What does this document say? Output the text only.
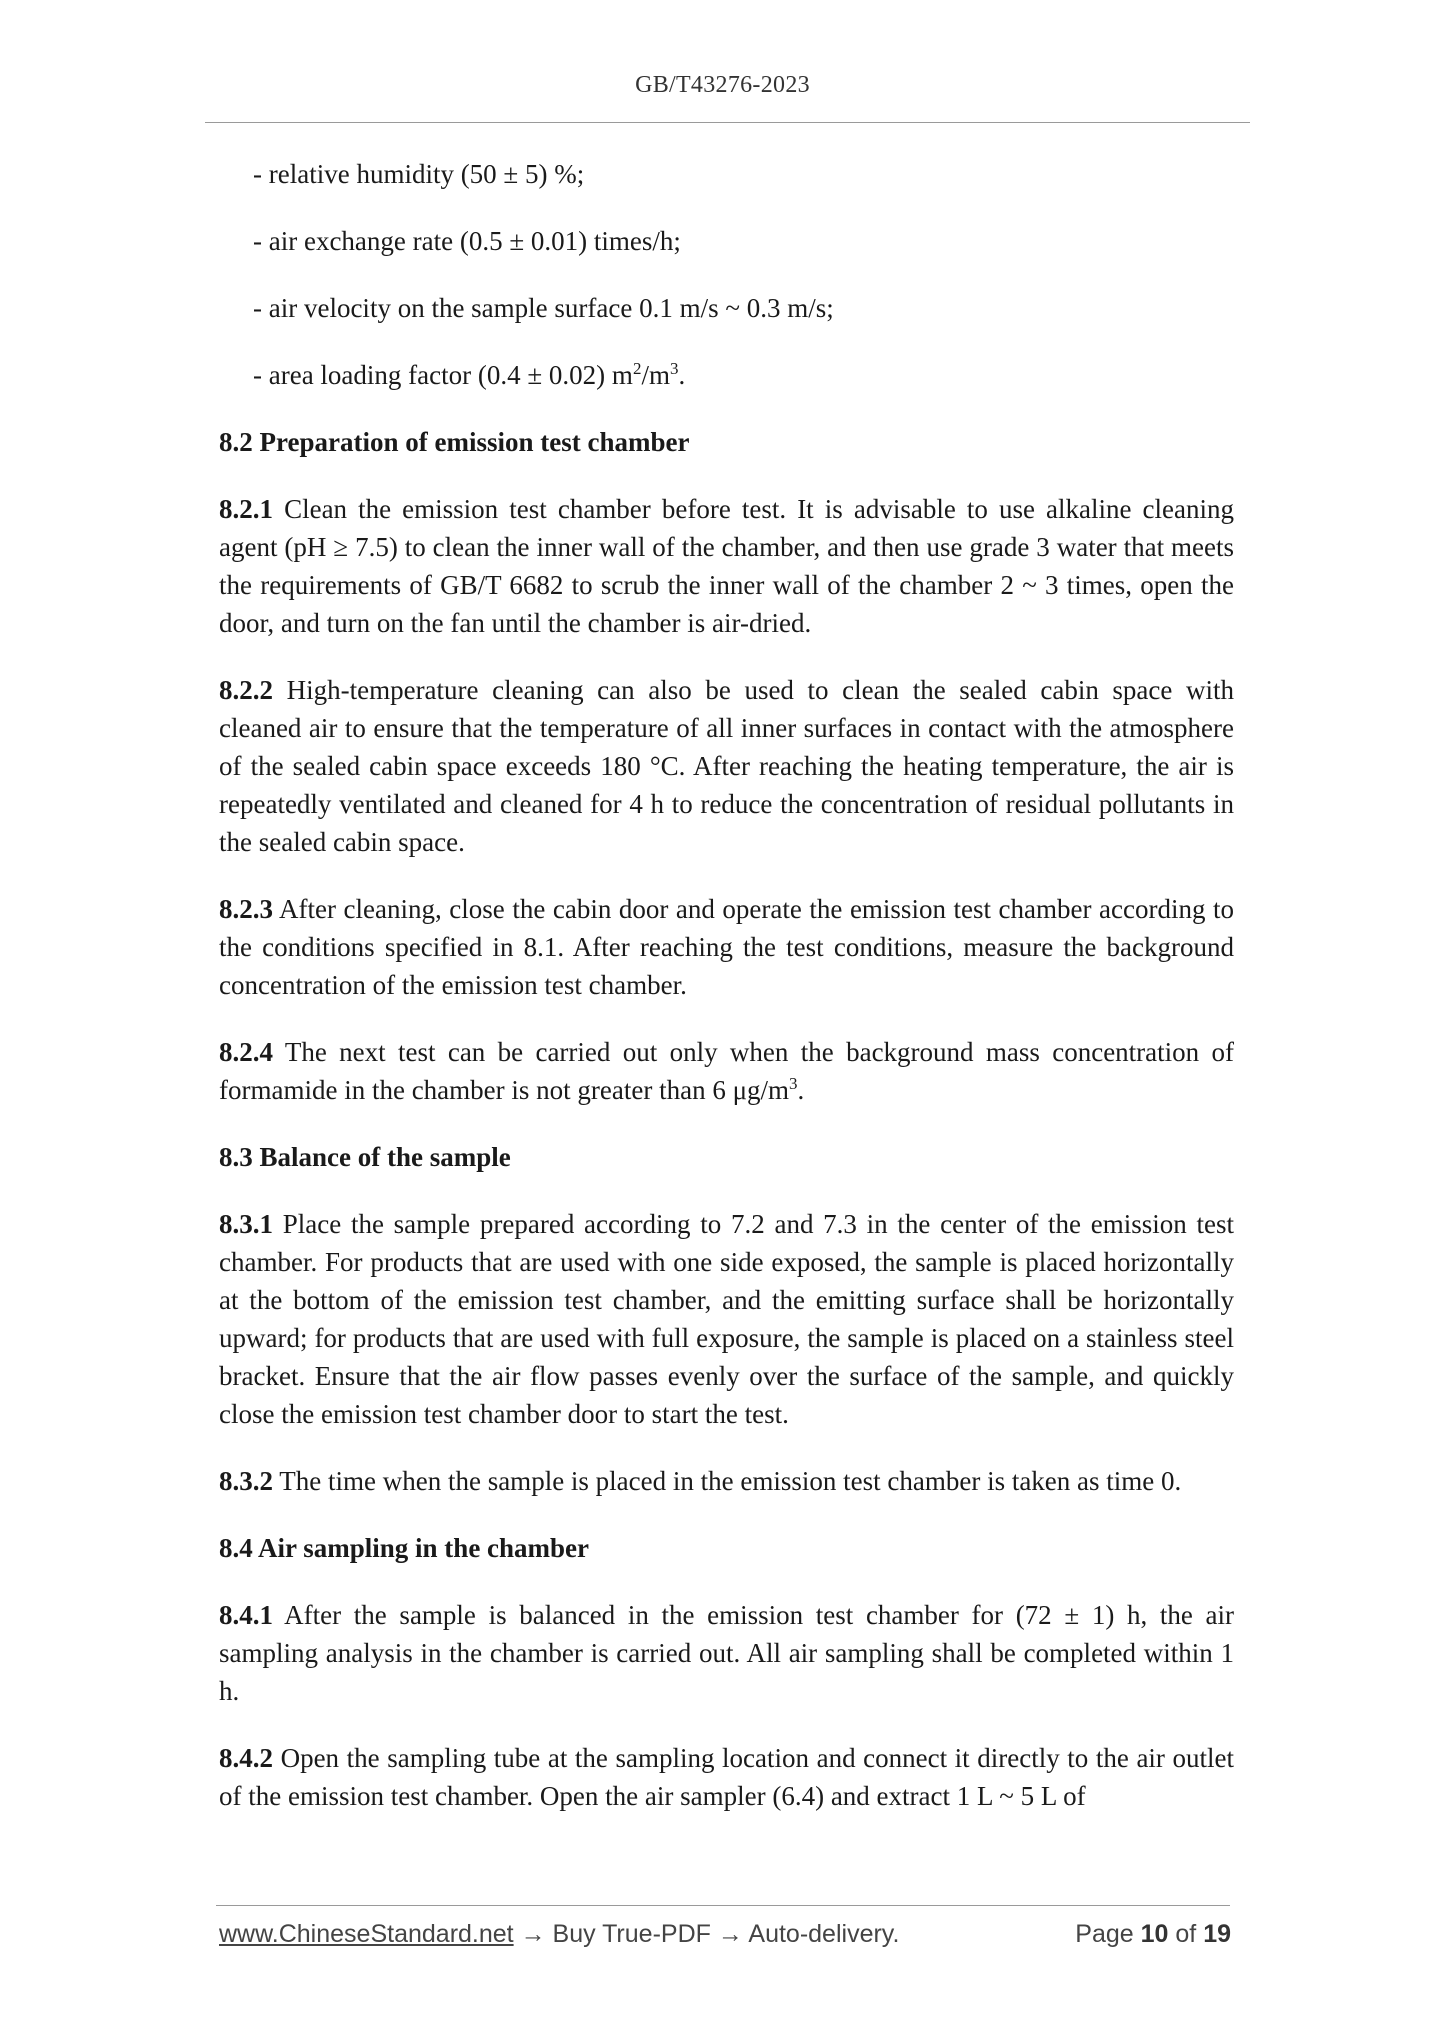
GB/T43276-2023

- relative humidity (50 ± 5) %;

- air exchange rate (0.5 ± 0.01) times/h;

- air velocity on the sample surface 0.1 m/s ~ 0.3 m/s;

- area loading factor (0.4 ± 0.02) $m^2/m^3$.

8.2 Preparation of emission test chamber

8.2.1 Clean the emission test chamber before test. It is advisable to use alkaline cleaning agent (pH ≥ 7.5) to clean the inner wall of the chamber, and then use grade 3 water that meets the requirements of GB/T 6682 to scrub the inner wall of the chamber 2 ~ 3 times, open the door, and turn on the fan until the chamber is air-dried.

8.2.2 High-temperature cleaning can also be used to clean the sealed cabin space with cleaned air to ensure that the temperature of all inner surfaces in contact with the atmosphere of the sealed cabin space exceeds 180 °C. After reaching the heating temperature, the air is repeatedly ventilated and cleaned for 4 h to reduce the concentration of residual pollutants in the sealed cabin space.

8.2.3 After cleaning, close the cabin door and operate the emission test chamber according to the conditions specified in 8.1. After reaching the test conditions, measure the background concentration of the emission test chamber.

8.2.4 The next test can be carried out only when the background mass concentration of formamide in the chamber is not greater than 6 $\mu g/m^3$.

8.3 Balance of the sample

8.3.1 Place the sample prepared according to 7.2 and 7.3 in the center of the emission test chamber. For products that are used with one side exposed, the sample is placed horizontally at the bottom of the emission test chamber, and the emitting surface shall be horizontally upward; for products that are used with full exposure, the sample is placed on a stainless steel bracket. Ensure that the air flow passes evenly over the surface of the sample, and quickly close the emission test chamber door to start the test.

8.3.2 The time when the sample is placed in the emission test chamber is taken as time 0.

8.4 Air sampling in the chamber

8.4.1 After the sample is balanced in the emission test chamber for (72 ± 1) h, the air sampling analysis in the chamber is carried out. All air sampling shall be completed within 1 h.

8.4.2 Open the sampling tube at the sampling location and connect it directly to the air outlet of the emission test chamber. Open the air sampler (6.4) and extract 1 L ~ 5 L of

www.ChineseStandard.net → Buy True-PDF → Auto-delivery.	Page 10 of 19
